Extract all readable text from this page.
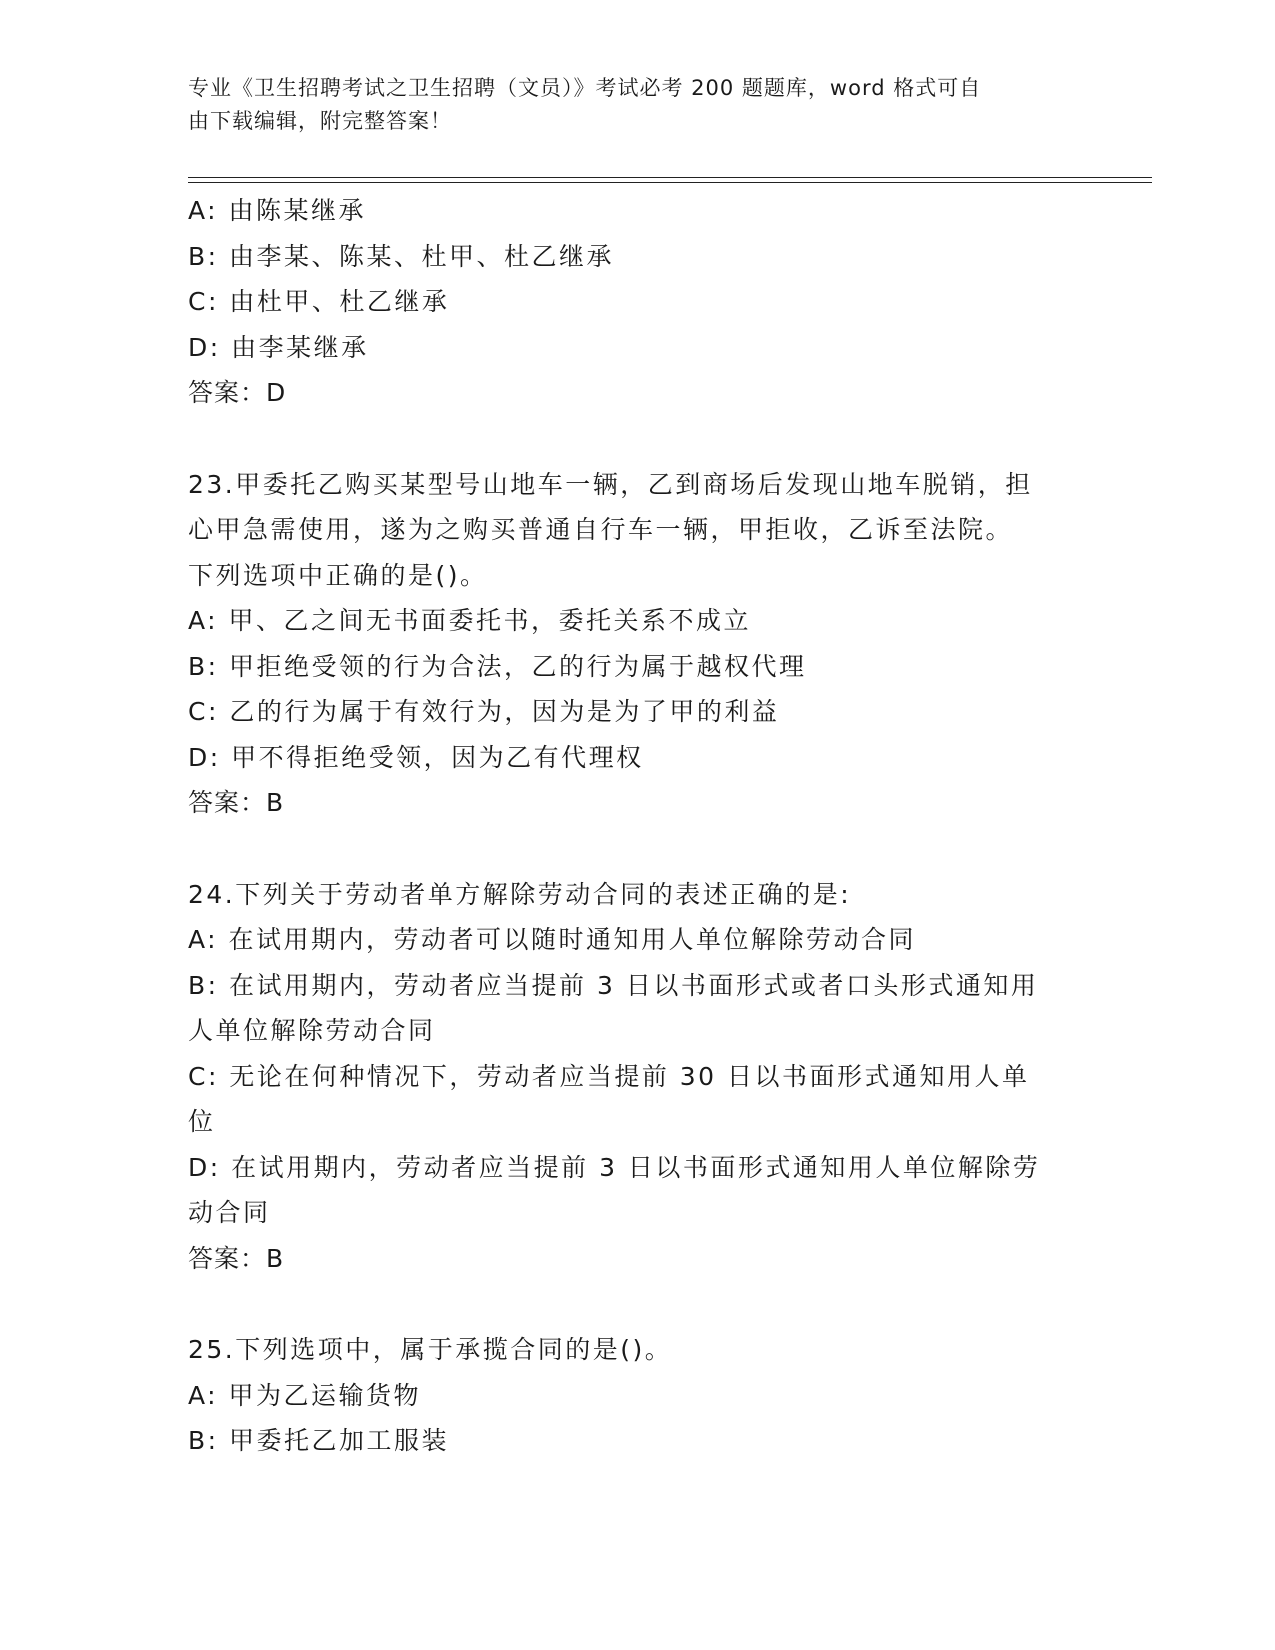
专业《卫生招聘考试之卫生招聘（文员）》考试必考 200 题题库，word 格式可自
由下载编辑，附完整答案！
A: 由陈某继承
B: 由李某、陈某、杜甲、杜乙继承
C: 由杜甲、杜乙继承
D: 由李某继承
答案：D
23.甲委托乙购买某型号山地车一辆，乙到商场后发现山地车脱销，担
心甲急需使用，遂为之购买普通自行车一辆，甲拒收，乙诉至法院。
下列选项中正确的是()。
A: 甲、乙之间无书面委托书，委托关系不成立
B: 甲拒绝受领的行为合法，乙的行为属于越权代理
C: 乙的行为属于有效行为，因为是为了甲的利益
D: 甲不得拒绝受领，因为乙有代理权
答案：B
24.下列关于劳动者单方解除劳动合同的表述正确的是:
A: 在试用期内，劳动者可以随时通知用人单位解除劳动合同
B: 在试用期内，劳动者应当提前 3 日以书面形式或者口头形式通知用
人单位解除劳动合同
C: 无论在何种情况下，劳动者应当提前 30 日以书面形式通知用人单
位
D: 在试用期内，劳动者应当提前 3 日以书面形式通知用人单位解除劳
动合同
答案：B
25.下列选项中，属于承揽合同的是()。
A: 甲为乙运输货物
B: 甲委托乙加工服装
